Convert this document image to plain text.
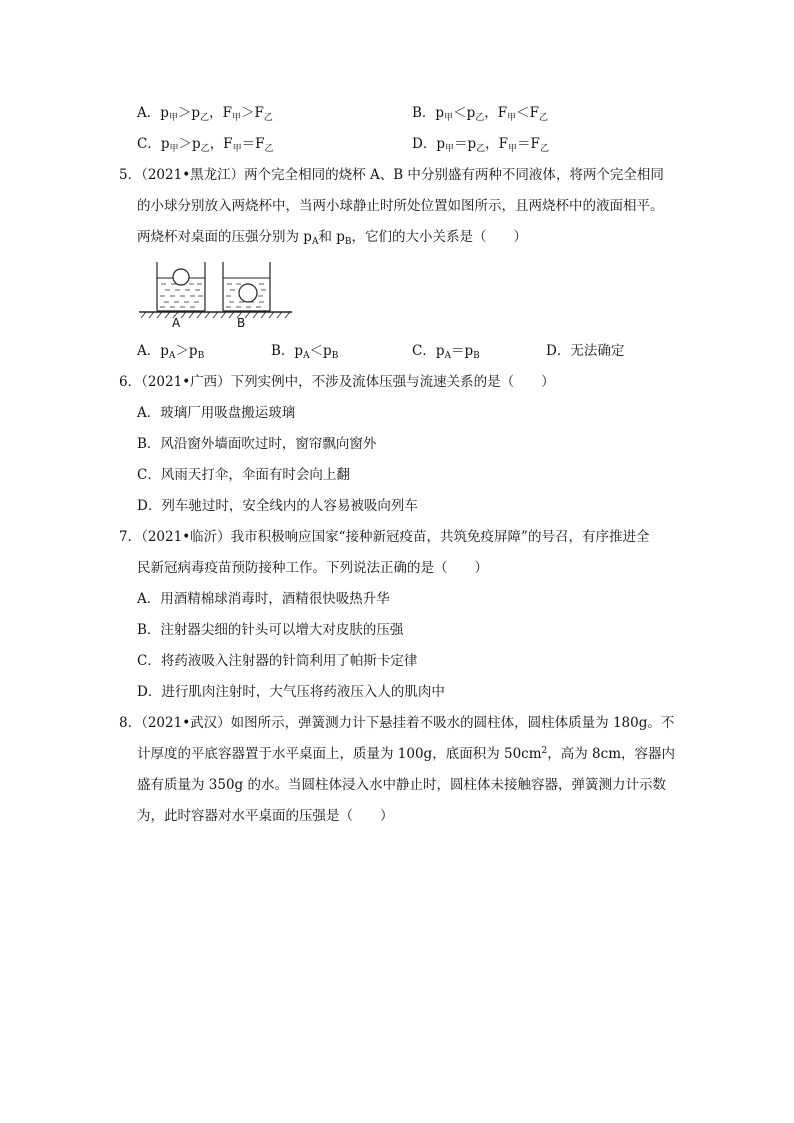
A．$p_甲>p_乙$，$F_甲>F_乙$	B．$p_甲<p_乙$，$F_甲<F_乙$
C．$p_甲>p_乙$，$F_甲=F_乙$	D．$p_甲=p_乙$，$F_甲=F_乙$
5．（2021•黑龙江）两个完全相同的烧杯 A、B 中分别盛有两种不同液体，将两个完全相同
的小球分别放入两烧杯中，当两小球静止时所处位置如图所示，且两烧杯中的液面相平。
两烧杯对桌面的压强分别为 $p_A$和 $p_B$，它们的大小关系是（　　）
A	B
A．$p_A>p_B$	B．$p_A<p_B$	C．$p_A=p_B$	D．无法确定
6．（2021•广西）下列实例中，不涉及流体压强与流速关系的是（　　）
A．玻璃厂用吸盘搬运玻璃
B．风沿窗外墙面吹过时，窗帘飘向窗外
C．风雨天打伞，伞面有时会向上翻
D．列车驰过时，安全线内的人容易被吸向列车
7．（2021•临沂）我市积极响应国家“接种新冠疫苗，共筑免疫屏障”的号召，有序推进全
民新冠病毒疫苗预防接种工作。下列说法正确的是（　　）
A．用酒精棉球消毒时，酒精很快吸热升华
B．注射器尖细的针头可以增大对皮肤的压强
C．将药液吸入注射器的针筒利用了帕斯卡定律
D．进行肌肉注射时，大气压将药液压入人的肌肉中
8．（2021•武汉）如图所示，弹簧测力计下悬挂着不吸水的圆柱体，圆柱体质量为 180g。不
计厚度的平底容器置于水平桌面上，质量为 100g，底面积为 $50cm^2$，高为 8cm，容器内
盛有质量为 350g 的水。当圆柱体浸入水中静止时，圆柱体未接触容器，弹簧测力计示数
为，此时容器对水平桌面的压强是（　　）
